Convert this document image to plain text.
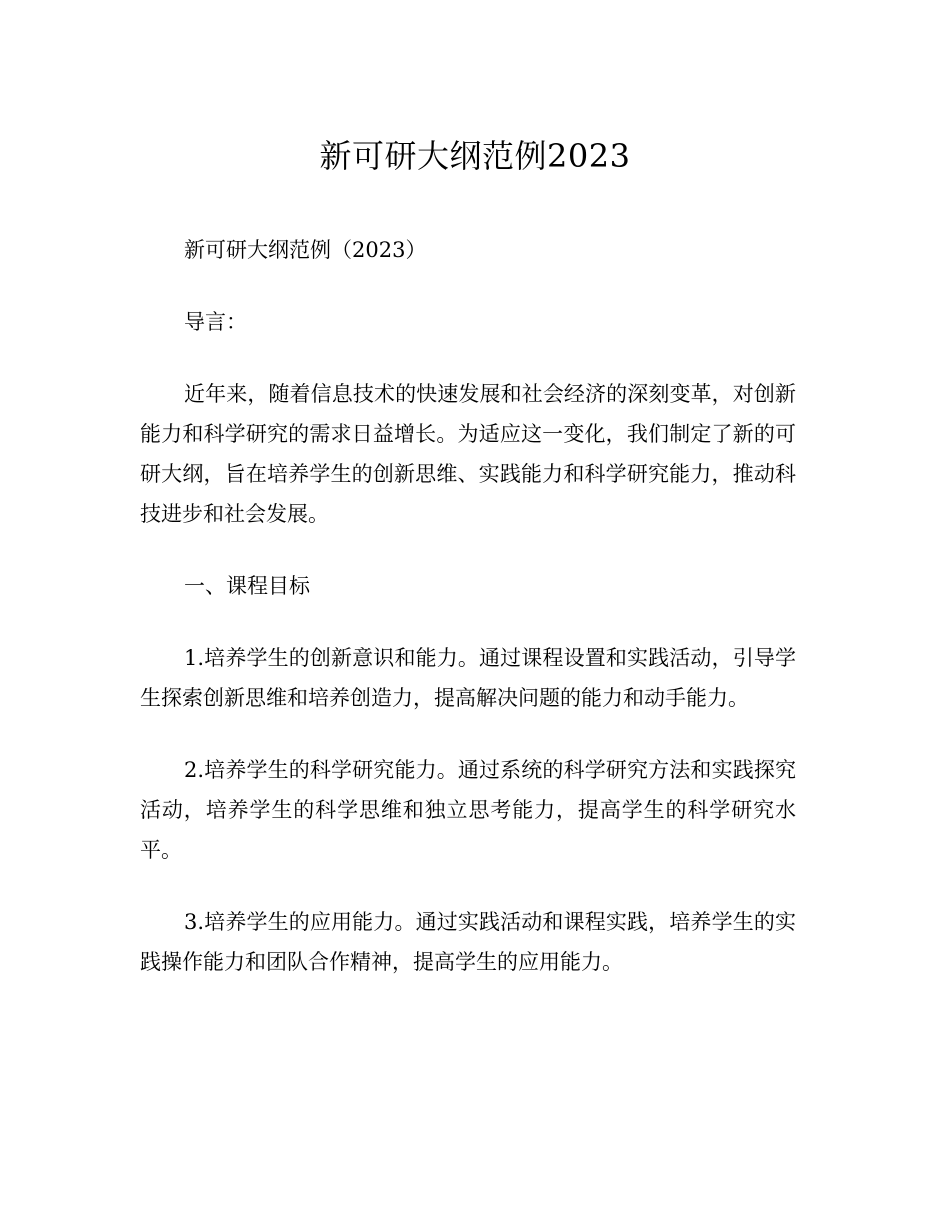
新可研大纲范例2023

新可研大纲范例（2023）

导言：

近年来，随着信息技术的快速发展和社会经济的深刻变革，对创新能力和科学研究的需求日益增长。为适应这一变化，我们制定了新的可研大纲，旨在培养学生的创新思维、实践能力和科学研究能力，推动科技进步和社会发展。

一、课程目标

1.培养学生的创新意识和能力。通过课程设置和实践活动，引导学生探索创新思维和培养创造力，提高解决问题的能力和动手能力。

2.培养学生的科学研究能力。通过系统的科学研究方法和实践探究活动，培养学生的科学思维和独立思考能力，提高学生的科学研究水平。

3.培养学生的应用能力。通过实践活动和课程实践，培养学生的实践操作能力和团队合作精神，提高学生的应用能力。
